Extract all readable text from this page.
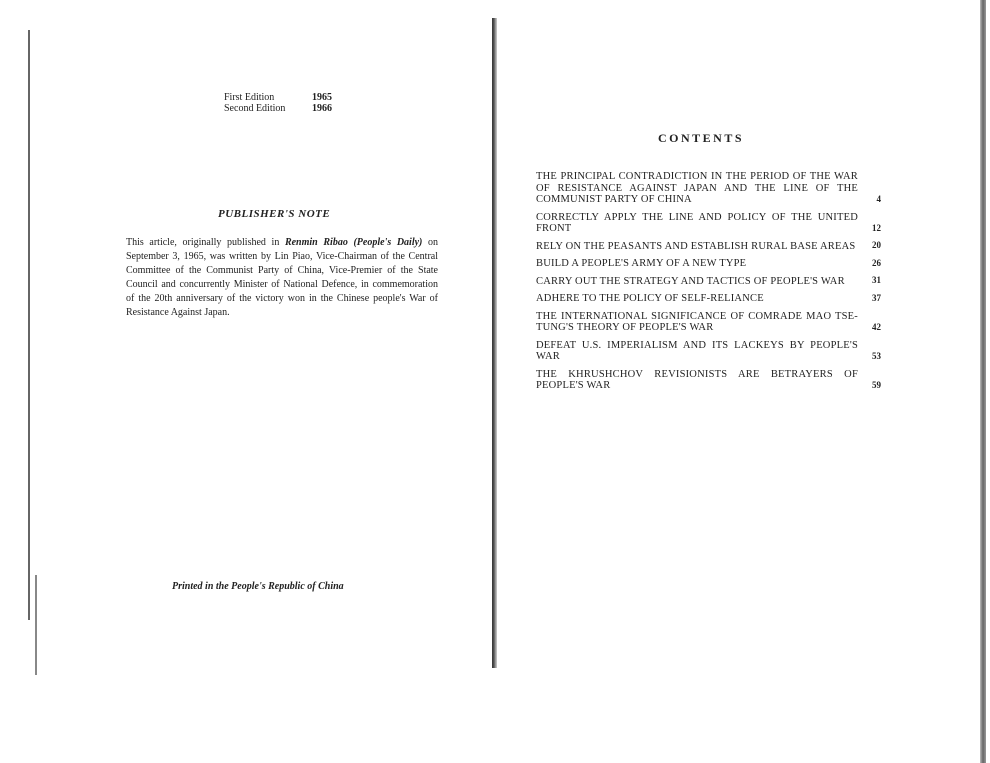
First Edition	1965
Second Edition	1966
PUBLISHER'S NOTE
This article, originally published in Renmin Ribao (People's Daily) on September 3, 1965, was written by Lin Piao, Vice-Chairman of the Central Committee of the Communist Party of China, Vice-Premier of the State Council and concurrently Minister of National Defence, in commemoration of the 20th anniversary of the victory won in the Chinese people's War of Resistance Against Japan.
Printed in the People's Republic of China
CONTENTS
THE PRINCIPAL CONTRADICTION IN THE PERIOD OF THE WAR OF RESISTANCE AGAINST JAPAN AND THE LINE OF THE COMMUNIST PARTY OF CHINA	4
CORRECTLY APPLY THE LINE AND POLICY OF THE UNITED FRONT	12
RELY ON THE PEASANTS AND ESTABLISH RURAL BASE AREAS 20
BUILD A PEOPLE'S ARMY OF A NEW TYPE	26
CARRY OUT THE STRATEGY AND TACTICS OF PEOPLE'S WAR	31
ADHERE TO THE POLICY OF SELF-RELIANCE	37
THE INTERNATIONAL SIGNIFICANCE OF COMRADE MAO TSE-TUNG'S THEORY OF PEOPLE'S WAR	42
DEFEAT U.S. IMPERIALISM AND ITS LACKEYS BY PEOPLE'S WAR	53
THE KHRUSHCHOV REVISIONISTS ARE BETRAYERS OF PEOPLE'S WAR	59
